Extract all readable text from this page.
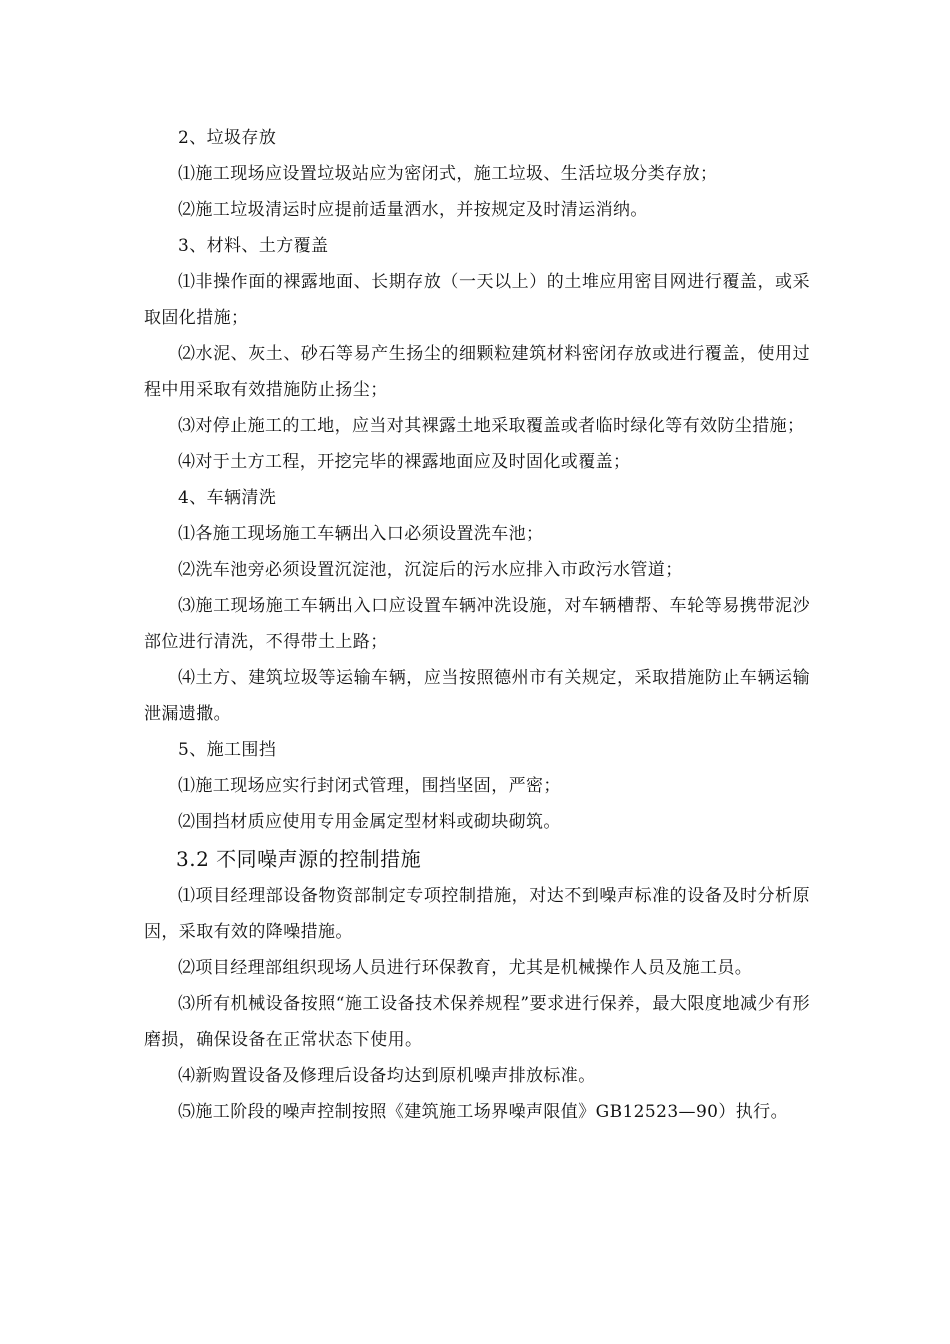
2、垃圾存放

⑴施工现场应设置垃圾站应为密闭式，施工垃圾、生活垃圾分类存放；

⑵施工垃圾清运时应提前适量洒水，并按规定及时清运消纳。

3、材料、土方覆盖

⑴非操作面的裸露地面、长期存放（一天以上）的土堆应用密目网进行覆盖，或采取固化措施；

⑵水泥、灰土、砂石等易产生扬尘的细颗粒建筑材料密闭存放或进行覆盖，使用过程中用采取有效措施防止扬尘；

⑶对停止施工的工地，应当对其裸露土地采取覆盖或者临时绿化等有效防尘措施；

⑷对于土方工程，开挖完毕的裸露地面应及时固化或覆盖；

4、车辆清洗

⑴各施工现场施工车辆出入口必须设置洗车池；

⑵洗车池旁必须设置沉淀池，沉淀后的污水应排入市政污水管道；

⑶施工现场施工车辆出入口应设置车辆冲洗设施，对车辆槽帮、车轮等易携带泥沙部位进行清洗，不得带土上路；

⑷土方、建筑垃圾等运输车辆，应当按照德州市有关规定，采取措施防止车辆运输泄漏遗撒。

5、施工围挡

⑴施工现场应实行封闭式管理，围挡坚固，严密；

⑵围挡材质应使用专用金属定型材料或砌块砌筑。

3.2 不同噪声源的控制措施

⑴项目经理部设备物资部制定专项控制措施，对达不到噪声标准的设备及时分析原因，采取有效的降噪措施。

⑵项目经理部组织现场人员进行环保教育，尤其是机械操作人员及施工员。

⑶所有机械设备按照“施工设备技术保养规程”要求进行保养，最大限度地减少有形磨损，确保设备在正常状态下使用。

⑷新购置设备及修理后设备均达到原机噪声排放标准。

⑸施工阶段的噪声控制按照《建筑施工场界噪声限值》GB12523—90）执行。
